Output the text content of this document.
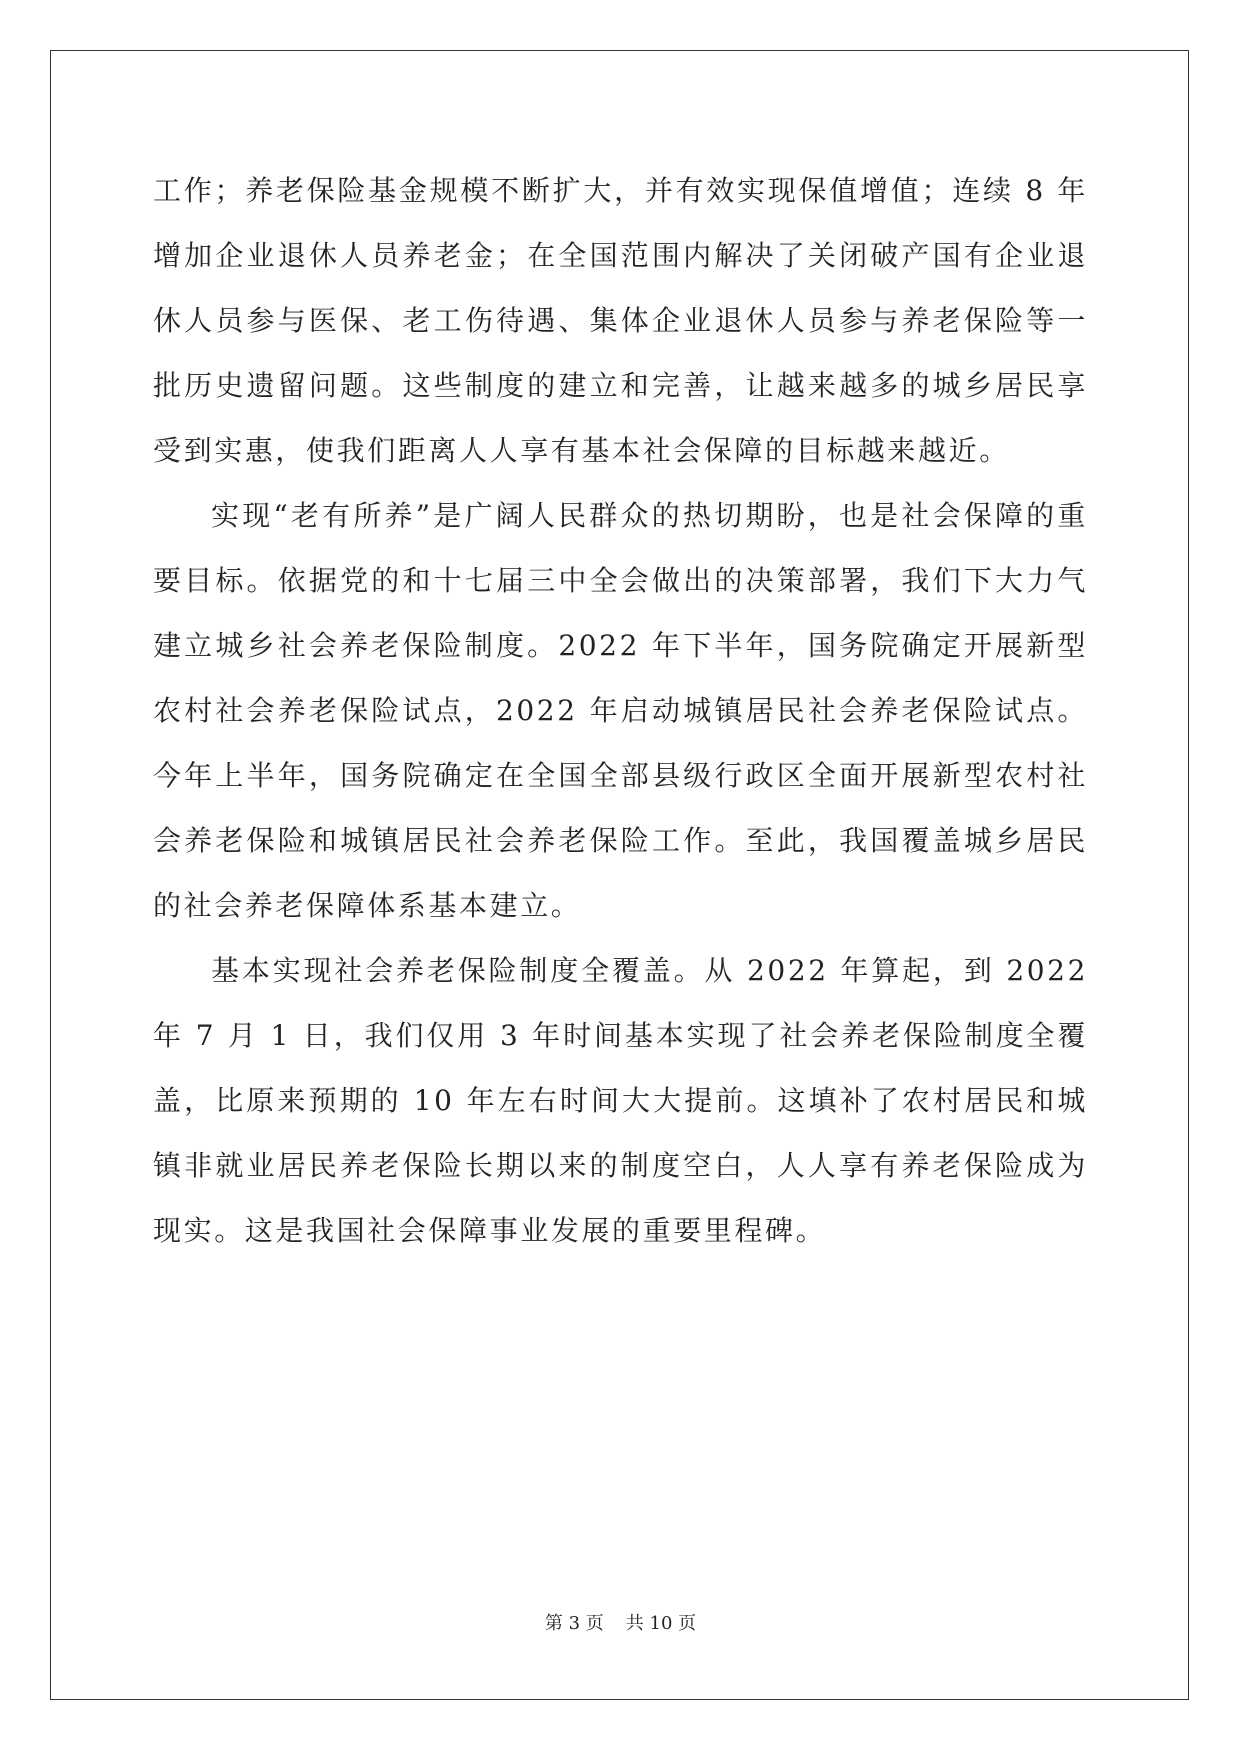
工作；养老保险基金规模不断扩大，并有效实现保值增值；连续 8 年增加企业退休人员养老金；在全国范围内解决了关闭破产国有企业退休人员参与医保、老工伤待遇、集体企业退休人员参与养老保险等一批历史遗留问题。这些制度的建立和完善，让越来越多的城乡居民享受到实惠，使我们距离人人享有基本社会保障的目标越来越近。

实现“老有所养”是广阔人民群众的热切期盼，也是社会保障的重要目标。依据党的和十七届三中全会做出的决策部署，我们下大力气建立城乡社会养老保险制度。2022 年下半年，国务院确定开展新型农村社会养老保险试点，2022 年启动城镇居民社会养老保险试点。今年上半年，国务院确定在全国全部县级行政区全面开展新型农村社会养老保险和城镇居民社会养老保险工作。至此，我国覆盖城乡居民的社会养老保障体系基本建立。

基本实现社会养老保险制度全覆盖。从 2022 年算起，到 2022 年 7 月 1 日，我们仅用 3 年时间基本实现了社会养老保险制度全覆盖，比原来预期的 10 年左右时间大大提前。这填补了农村居民和城镇非就业居民养老保险长期以来的制度空白，人人享有养老保险成为现实。这是我国社会保障事业发展的重要里程碑。

第 3 页 共 10 页
